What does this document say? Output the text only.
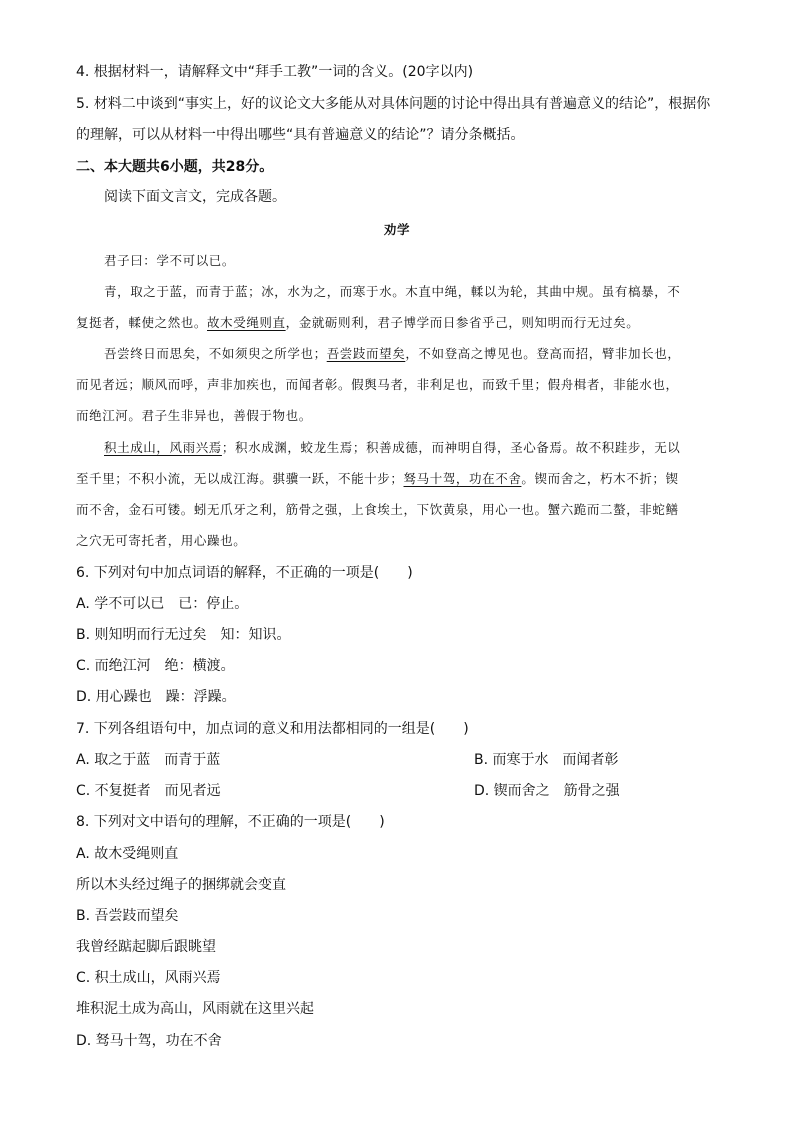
4. 根据材料一，请解释文中“拜手工教”一词的含义。(20字以内)
5. 材料二中谈到“事实上，好的议论文大多能从对具体问题的讨论中得出具有普遍意义的结论”，根据你
的理解，可以从材料一中得出哪些“具有普遍意义的结论”？请分条概括。
二、本大题共6小题，共28分。
阅读下面文言文，完成各题。
劝学
君子曰：学不可以已。
青，取之于蓝，而青于蓝；冰，水为之，而寒于水。木直中绳，輮以为轮，其曲中规。虽有槁暴，不
复挺者，輮使之然也。故木受绳则直，金就砺则利，君子博学而日参省乎己，则知明而行无过矣。
吾尝终日而思矣，不如须臾之所学也；吾尝跂而望矣，不如登高之博见也。登高而招，臂非加长也，
而见者远；顺风而呼，声非加疾也，而闻者彰。假舆马者，非利足也，而致千里；假舟楫者，非能水也，
而绝江河。君子生非异也，善假于物也。
积土成山，风雨兴焉；积水成渊，蛟龙生焉；积善成德，而神明自得，圣心备焉。故不积跬步，无以
至千里；不积小流，无以成江海。骐骥一跃，不能十步；驽马十驾，功在不舍。锲而舍之，朽木不折；锲
而不舍，金石可镂。蚓无爪牙之利，筋骨之强，上食埃土，下饮黄泉，用心一也。蟹六跪而二螯，非蛇鳝
之穴无可寄托者，用心躁也。
6. 下列对句中加点词语的解释，不正确的一项是(　　)
A. 学不可以已　已：停止。
B. 则知明而行无过矣　知：知识。
C. 而绝江河　绝：横渡。
D. 用心躁也　躁：浮躁。
7. 下列各组语句中，加点词的意义和用法都相同的一组是(　　)
A. 取之于蓝　而青于蓝	B. 而寒于水　而闻者彰
C. 不复挺者　而见者远	D. 锲而舍之　筋骨之强
8. 下列对文中语句的理解，不正确的一项是(　　)
A. 故木受绳则直
所以木头经过绳子的捆绑就会变直
B. 吾尝跂而望矣
我曾经踮起脚后跟眺望
C. 积土成山，风雨兴焉
堆积泥土成为高山，风雨就在这里兴起
D. 驽马十驾，功在不舍
